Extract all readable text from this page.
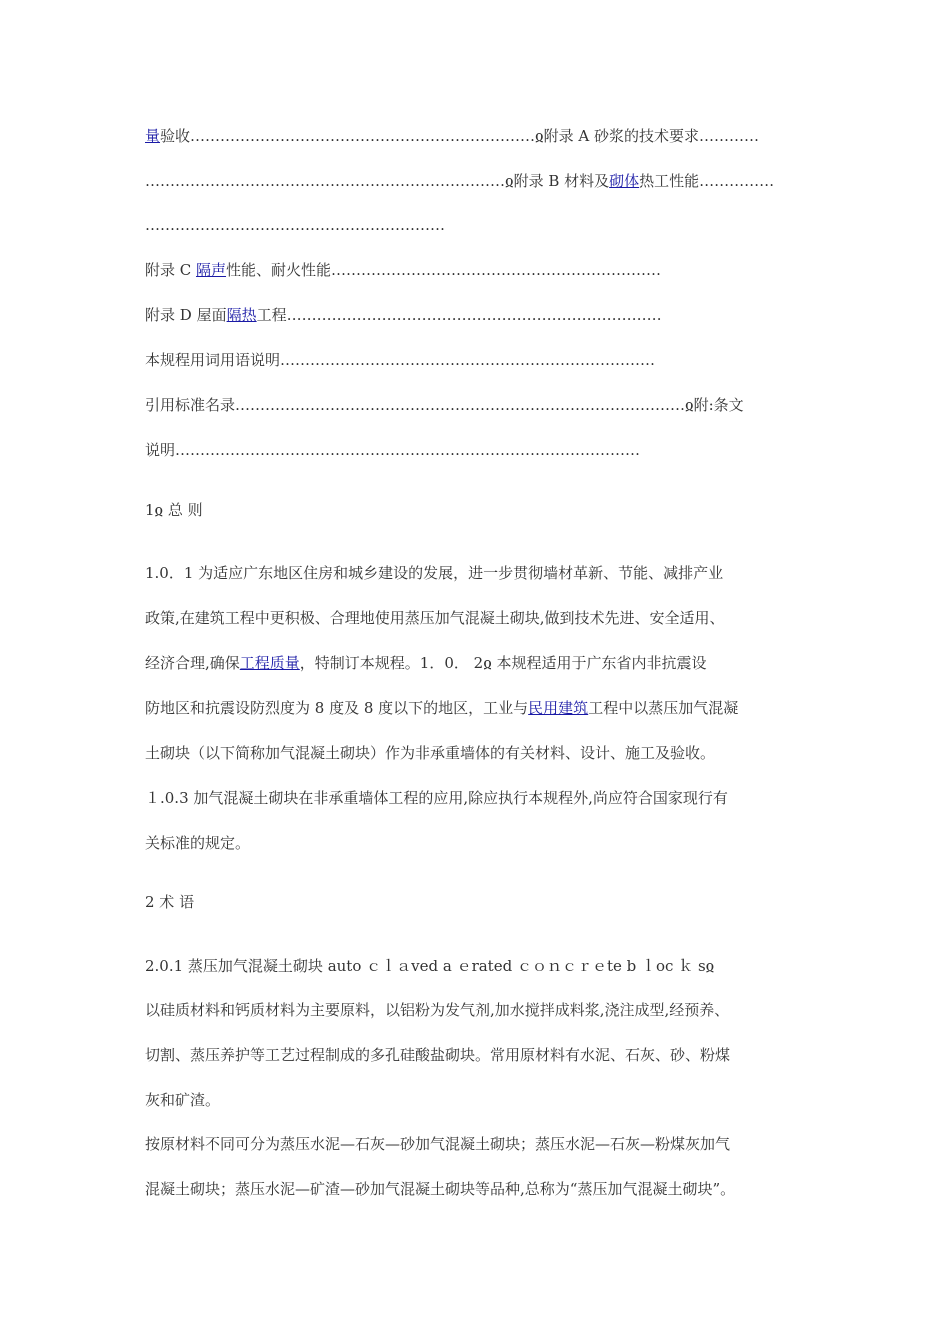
量验收……………………………………………………………ჲ附录 A 砂浆的技术要求…………
………………………………………………………………ჲ附录 B 材料及砌体热工性能……………
……………………………………………………
附录 C 隔声性能、耐火性能…………………………………………………………
附录 D 屋面隔热工程…………………………………………………………………
本规程用词用语说明…………………………………………………………………
引用标准名录………………………………………………………………………………ჲ附:条文
说明…………………………………………………………………………………
1ჲ 总 则
1.0．1 为适应广东地区住房和城乡建设的发展，进一步贯彻墙材革新、节能、减排产业
政策,在建筑工程中更积极、合理地使用蒸压加气混凝土砌块,做到技术先进、安全适用、
经济合理,确保工程质量，特制订本规程。1．0． 2ჲ 本规程适用于广东省内非抗震设
防地区和抗震设防烈度为 8 度及 8 度以下的地区，工业与民用建筑工程中以蒸压加气混凝
土砌块（以下简称加气混凝土砌块）作为非承重墙体的有关材料、设计、施工及验收。
１.0.3 加气混凝土砌块在非承重墙体工程的应用,除应执行本规程外,尚应符合国家现行有
关标准的规定。
2 术 语
2.0.1 蒸压加气混凝土砌块 auto ｃｌａved a ｅrated ｃｏｎｃｒｅte b ｌoc ｋ sჲ
以硅质材料和钙质材料为主要原料，以铝粉为发气剂,加水搅拌成料浆,浇注成型,经预养、
切割、蒸压养护等工艺过程制成的多孔硅酸盐砌块。常用原材料有水泥、石灰、砂、粉煤
灰和矿渣。
按原材料不同可分为蒸压水泥—石灰—砂加气混凝土砌块；蒸压水泥—石灰—粉煤灰加气
混凝土砌块；蒸压水泥—矿渣—砂加气混凝土砌块等品种,总称为“蒸压加气混凝土砌块”。
